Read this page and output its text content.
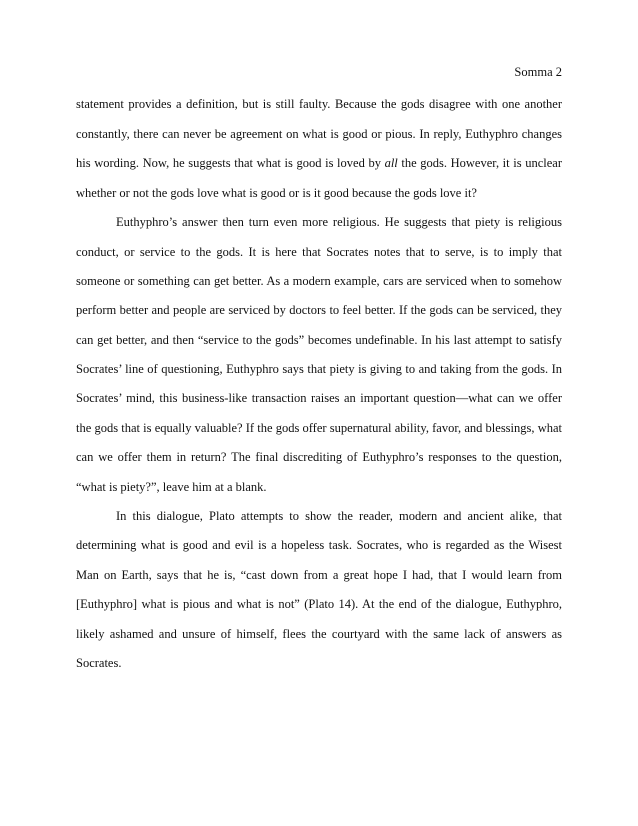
Somma 2
statement provides a definition, but is still faulty. Because the gods disagree with one another
constantly, there can never be agreement on what is good or pious. In reply, Euthyphro changes
his wording. Now, he suggests that what is good is loved by all the gods. However, it is unclear
whether or not the gods love what is good or is it good because the gods love it?
Euthyphro’s answer then turn even more religious. He suggests that piety is religious
conduct, or service to the gods. It is here that Socrates notes that to serve, is to imply that
someone or something can get better. As a modern example, cars are serviced when to somehow
perform better and people are serviced by doctors to feel better. If the gods can be serviced, they
can get better, and then “service to the gods” becomes undefinable. In his last attempt to satisfy
Socrates’ line of questioning, Euthyphro says that piety is giving to and taking from the gods. In
Socrates’ mind, this business-like transaction raises an important question—what can we offer
the gods that is equally valuable? If the gods offer supernatural ability, favor, and blessings, what
can we offer them in return? The final discrediting of Euthyphro’s responses to the question,
“what is piety?”, leave him at a blank.
In this dialogue, Plato attempts to show the reader, modern and ancient alike, that
determining what is good and evil is a hopeless task. Socrates, who is regarded as the Wisest
Man on Earth, says that he is, “cast down from a great hope I had, that I would learn from
[Euthyphro] what is pious and what is not” (Plato 14). At the end of the dialogue, Euthyphro,
likely ashamed and unsure of himself, flees the courtyard with the same lack of answers as
Socrates.
